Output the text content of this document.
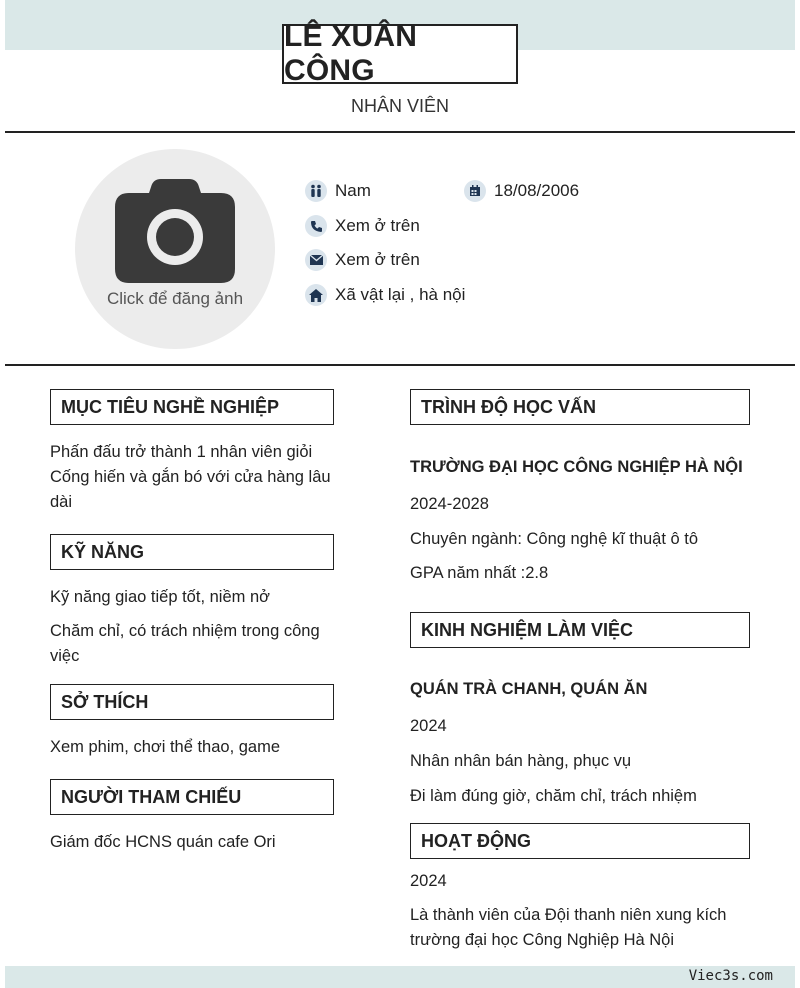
LÊ XUÂN CÔNG
NHÂN VIÊN
Click để đăng ảnh
Nam	18/08/2006
Xem ở trên
Xem ở trên
Xã vật lại , hà nội
MỤC TIÊU NGHỀ NGHIỆP
Phấn đấu trở thành 1 nhân viên giỏi
Cống hiến và gắn bó với cửa hàng lâu
dài
KỸ NĂNG
Kỹ năng giao tiếp tốt, niềm nở
Chăm chỉ, có trách nhiệm trong công
việc
SỞ THÍCH
Xem phim, chơi thể thao, game
NGƯỜI THAM CHIẾU
Giám đốc HCNS quán cafe Ori
TRÌNH ĐỘ HỌC VẤN
TRƯỜNG ĐẠI HỌC CÔNG NGHIỆP HÀ NỘI
2024-2028
Chuyên ngành: Công nghệ kĩ thuật ô tô
GPA năm nhất :2.8
KINH NGHIỆM LÀM VIỆC
QUÁN TRÀ CHANH, QUÁN ĂN
2024
Nhân nhân bán hàng, phục vụ
Đi làm đúng giờ, chăm chỉ, trách nhiệm
HOẠT ĐỘNG
2024
Là thành viên của Đội thanh niên xung kích
trường đại học Công Nghiệp Hà Nội
Viec3s.com
